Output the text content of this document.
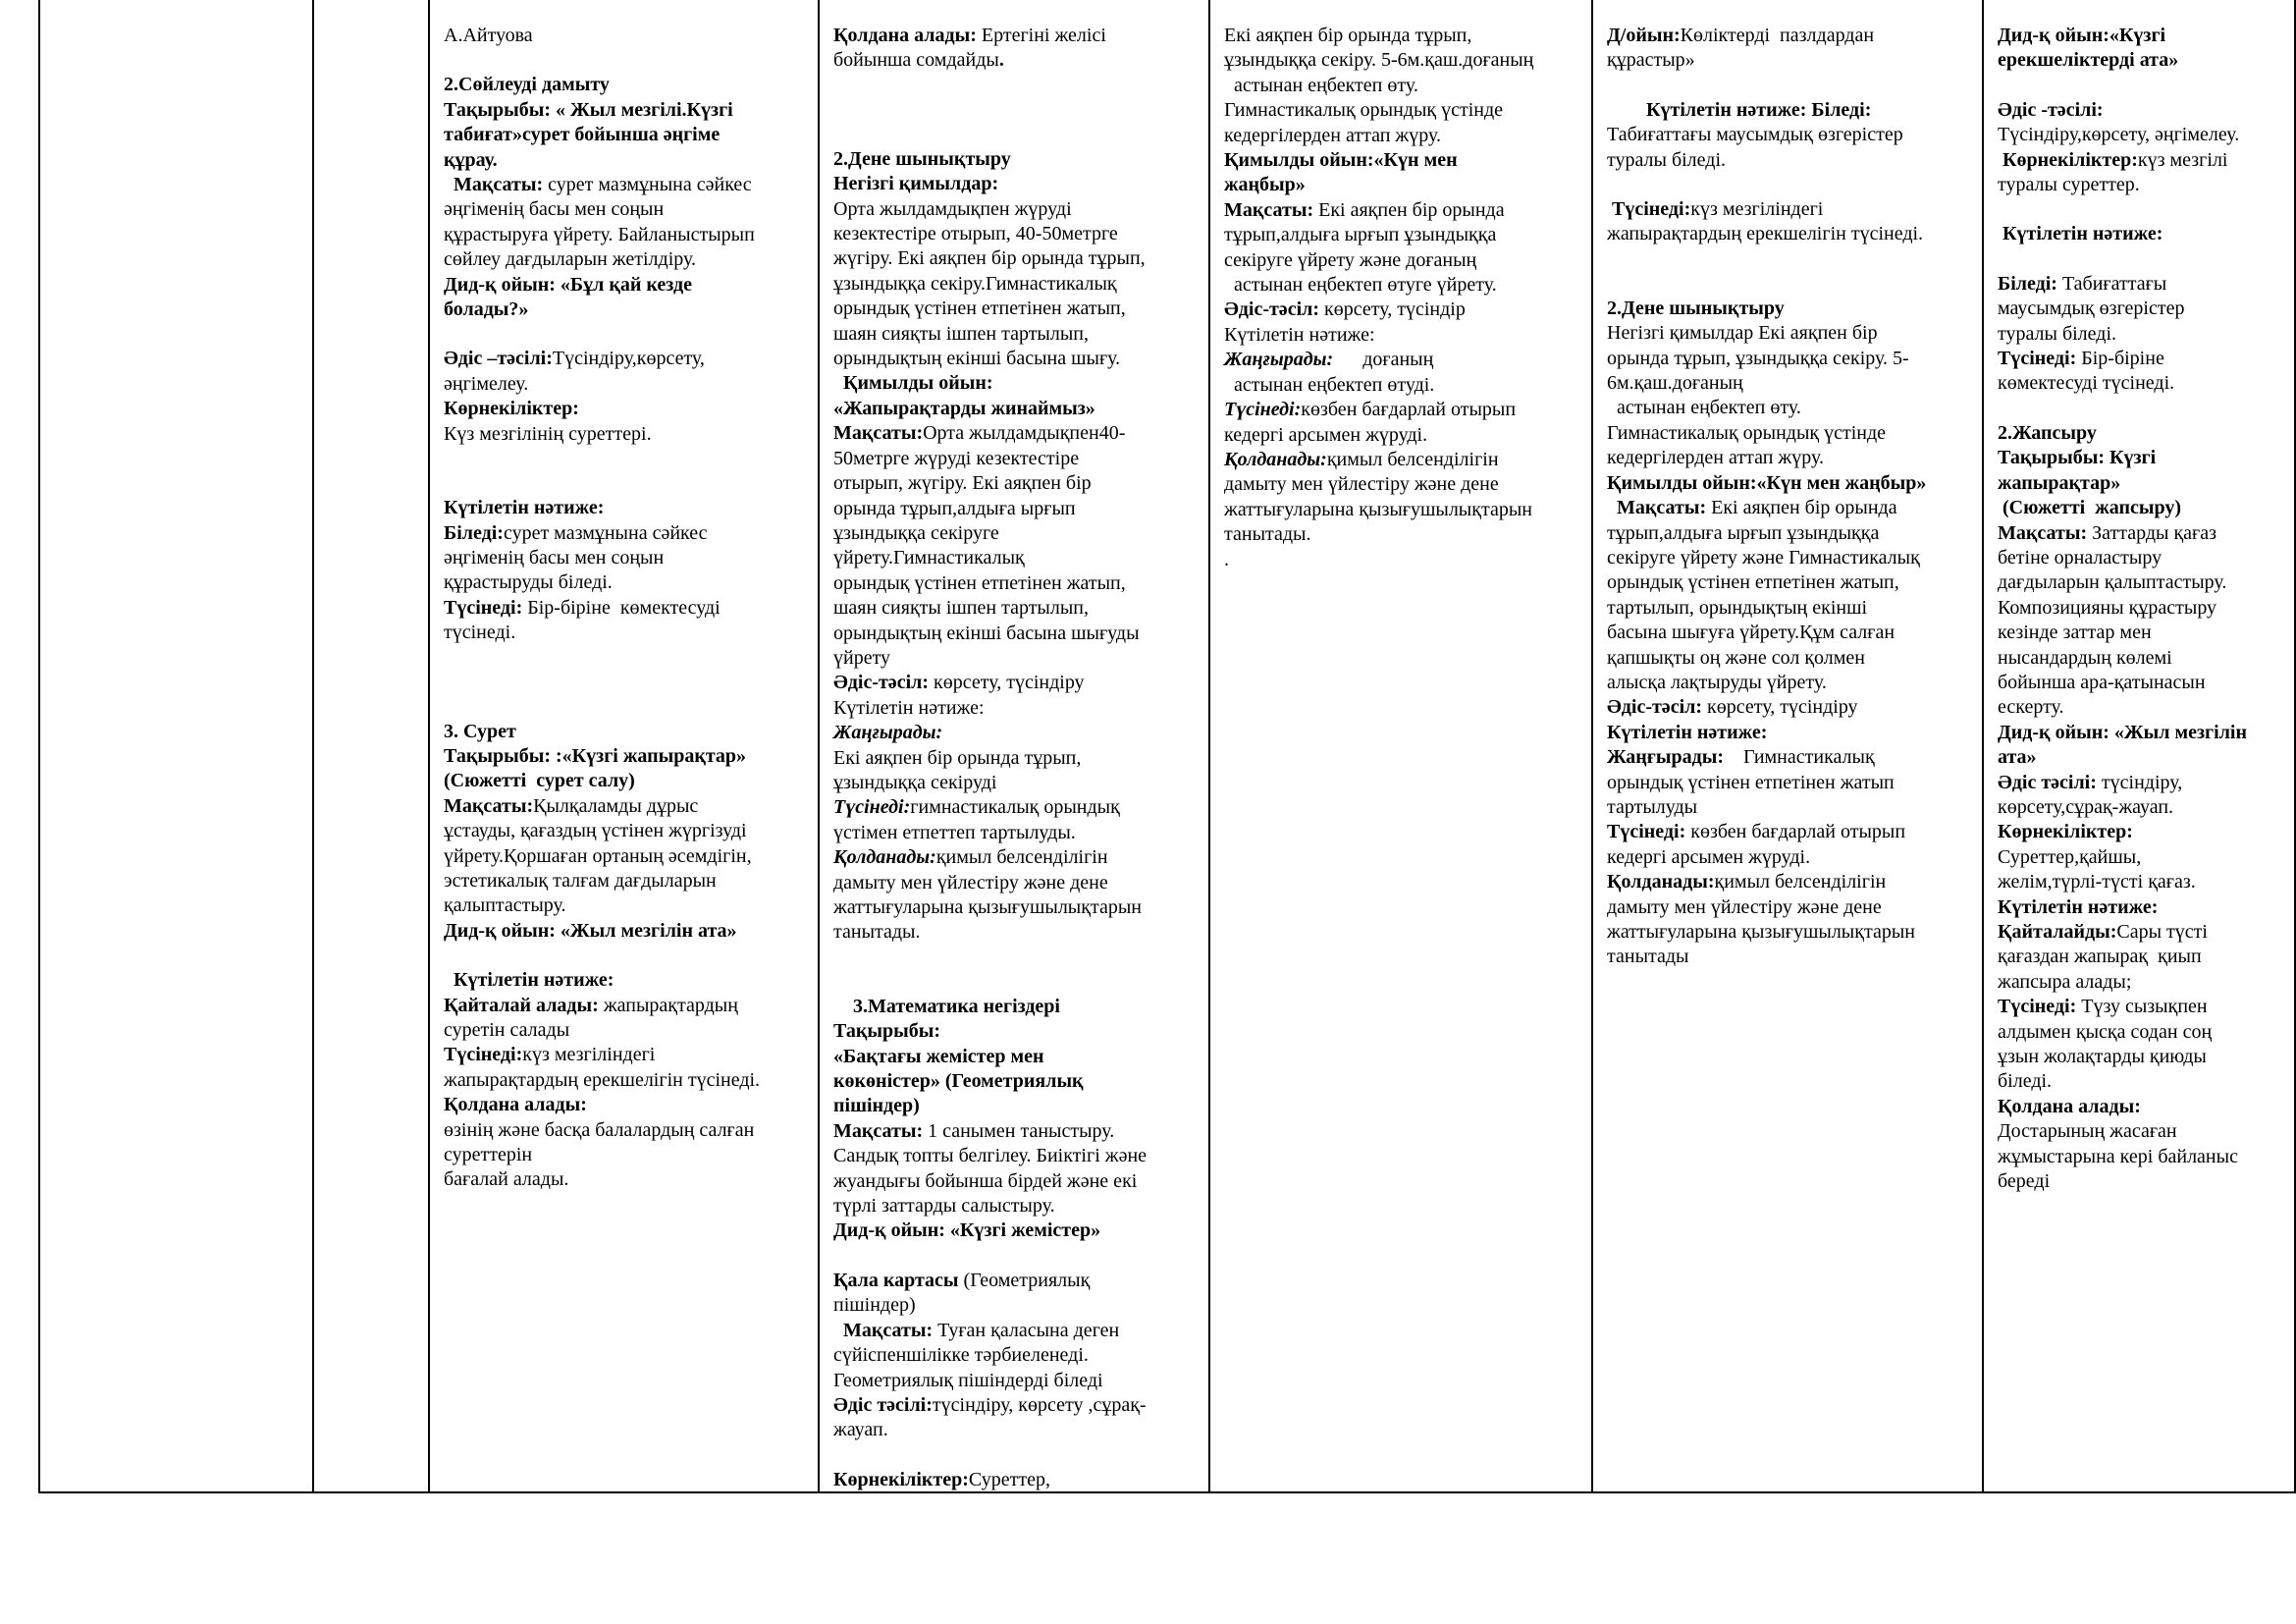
А.Айтуова

2.Сөйлеуді дамыту

Тақырыбы: « Жыл мезгілі.Күзгі

табиғат»сурет бойынша әңгіме

құрау.

Мақсаты: сурет мазмұнына сәйкес

әңгіменің басы мен соңын

құрастыруға үйрету. Байланыстырып

сөйлеу дағдыларын жетілдіру.

Дид-қ ойын: «Бұл қай кезде

болады?»

Әдіс –тәсілі:Түсіндіру,көрсету,

әңгімелеу.

Көрнекіліктер:

Күз мезгілінің суреттері.

Күтілетін нәтиже:

Біледі:сурет мазмұнына сәйкес

әңгіменің басы мен соңын

құрастыруды біледі.

Түсінеді: Бір-біріне  көмектесуді

түсінеді.

3. Сурет

Тақырыбы: :«Күзгі жапырақтар»

(Сюжетті  сурет салу)

Мақсаты:Қылқаламды дұрыс

ұстауды, қағаздың үстінен жүргізуді

үйрету.Қоршаған ортаның әсемдігін,

эстетикалық талғам дағдыларын

қалыптастыру.

Дид-қ ойын: «Жыл мезгілін ата»

Күтілетін нәтиже:

Қайталай алады: жапырақтардың

суретін салады

Түсінеді:күз мезгіліндегі

жапырақтардың ерекшелігін түсінеді.

Қолдана алады:

өзінің және басқа балалардың салған

суреттерін

бағалай алады.

Қолдана алады: Ертегіні желісі

бойынша сомдайды.

2.Дене шынықтыру

Негізгі қимылдар:

Орта жылдамдықпен жүруді

кезектестіре отырып, 40-50метрге

жүгіру. Екі аяқпен бір орында тұрып,

ұзындыққа секіру.Гимнастикалық

орындық үстінен етпетінен жатып,

шаян сияқты ішпен тартылып,

орындықтың екінші басына шығу.

Қимылды ойын:

«Жапырақтарды жинаймыз»

Мақсаты:Орта жылдамдықпен40-

50метрге жүруді кезектестіре

отырып, жүгіру. Екі аяқпен бір

орында тұрып,алдыға ырғып

ұзындыққа секіруге

үйрету.Гимнастикалық

орындық үстінен етпетінен жатып,

шаян сияқты ішпен тартылып,

орындықтың екінші басына шығуды

үйрету

Әдіс-тәсіл: көрсету, түсіндіру

Күтілетін нәтиже:

Жаңғырады:

Екі аяқпен бір орында тұрып,

ұзындыққа секіруді

Түсінеді:гимнастикалық орындық

үстімен етпеттеп тартылуды.

Қолданады:қимыл белсенділігін

дамыту мен үйлестіру және дене

жаттығуларына қызығушылықтарын

танытады.

3.Математика негіздері

Тақырыбы:

«Бақтағы жемістер мен

көкөністер» (Геометриялық

пішіндер)

Мақсаты: 1 санымен таныстыру.

Сандық топты белгілеу. Биіктігі және

жуандығы бойынша бірдей және екі

түрлі заттарды салыстыру.

Дид-қ ойын: «Күзгі жемістер»

Қала картасы (Геометриялық

пішіндер)

Мақсаты: Туған қаласына деген

сүйіспеншілікке тәрбиеленеді.

Геометриялық пішіндерді біледі

Әдіс тәсілі:түсіндіру, көрсету ,сұрақ-

жауап.

Көрнекіліктер:Суреттер,

Екі аяқпен бір орында тұрып,

ұзындыққа секіру. 5-6м.қаш.доғаның

астынан еңбектеп өту.

Гимнастикалық орындық үстінде

кедергілерден аттап жүру.

Қимылды ойын:«Күн мен

жаңбыр»

Мақсаты: Екі аяқпен бір орында

тұрып,алдыға ырғып ұзындыққа

секіруге үйрету және доғаның

астынан еңбектеп өтуге үйрету.

Әдіс-тәсіл: көрсету, түсіндір

Күтілетін нәтиже:

Жаңғырады:      доғаның

астынан еңбектеп өтуді.

Түсінеді:көзбен бағдарлай отырып

кедергі арсымен жүруді.

Қолданады:қимыл белсенділігін

дамыту мен үйлестіру және дене

жаттығуларына қызығушылықтарын

танытады.

.

Д/ойын:Көліктерді  пазлдардан

құрастыр»

Күтілетін нәтиже: Біледі:

Табиғаттағы маусымдық өзгерістер

туралы біледі.

Түсінеді:күз мезгіліндегі

жапырақтардың ерекшелігін түсінеді.

2.Дене шынықтыру

Негізгі қимылдар Екі аяқпен бір

орында тұрып, ұзындыққа секіру. 5-

6м.қаш.доғаның

астынан еңбектеп өту.

Гимнастикалық орындық үстінде

кедергілерден аттап жүру.

Қимылды ойын:«Күн мен жаңбыр»

Мақсаты: Екі аяқпен бір орында

тұрып,алдыға ырғып ұзындыққа

секіруге үйрету және Гимнастикалық

орындық үстінен етпетінен жатып,

тартылып, орындықтың екінші

басына шығуға үйрету.Құм салған

қапшықты оң және сол қолмен

алысқа лақтыруды үйрету.

Әдіс-тәсіл: көрсету, түсіндіру

Күтілетін нәтиже:

Жаңғырады:    Гимнастикалық

орындық үстінен етпетінен жатып

тартылуды

Түсінеді: көзбен бағдарлай отырып

кедергі арсымен жүруді.

Қолданады:қимыл белсенділігін

дамыту мен үйлестіру және дене

жаттығуларына қызығушылықтарын

танытады

Дид-қ ойын:«Күзгі

ерекшеліктерді ата»

Әдіс -тәсілі:

Түсіндіру,көрсету, әңгімелеу.

Көрнекіліктер:күз мезгілі

туралы суреттер.

Күтілетін нәтиже:

Біледі: Табиғаттағы

маусымдық өзгерістер

туралы біледі.

Түсінеді: Бір-біріне

көмектесуді түсінеді.

2.Жапсыру

Тақырыбы: Күзгі

жапырақтар»

(Сюжетті  жапсыру)

Мақсаты: Заттарды қағаз

бетіне орналастыру

дағдыларын қалыптастыру.

Композицияны құрастыру

кезінде заттар мен

нысандардың көлемі

бойынша ара-қатынасын

ескерту.

Дид-қ ойын: «Жыл мезгілін

ата»

Әдіс тәсілі: түсіндіру,

көрсету,сұрақ-жауап.

Көрнекіліктер:

Суреттер,қайшы,

желім,түрлі-түсті қағаз.

Күтілетін нәтиже:

Қайталайды:Сары түсті

қағаздан жапырақ  қиып

жапсыра алады;

Түсінеді: Түзу сызықпен

алдымен қысқа содан соң

ұзын жолақтарды қиюды

біледі.

Қолдана алады:

Достарының жасаған

жұмыстарына кері байланыс

береді
